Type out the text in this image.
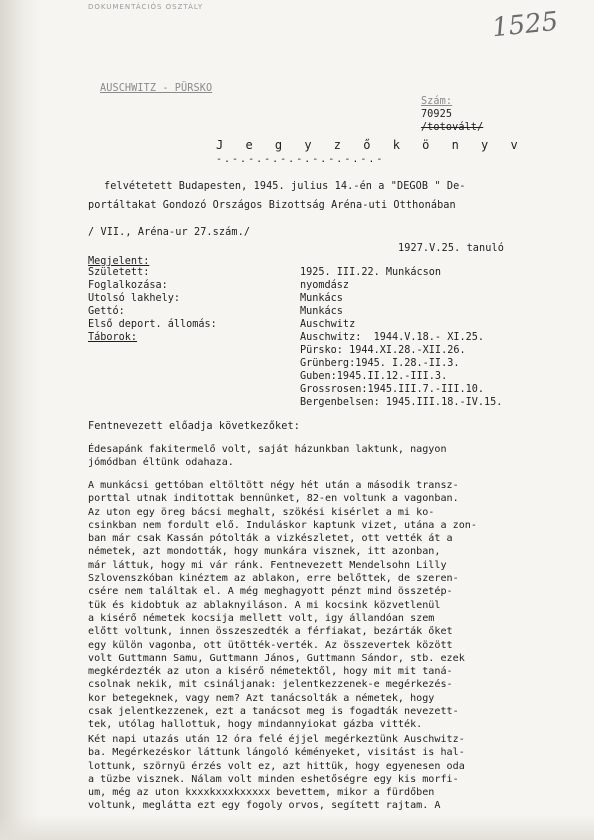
DOKUMENTÁCIÓS OSZTÁLY	1525
AUSCHWITZ - PÜRSKO

Szám:
70925
/totovált/

J e g y z ő k ö n y v
-.-.-.-.-.-.-.-.-.-.-
felvétetett Budapesten, 1945. julius 14.-én a "DEGOB " De-
portáltakat Gondozó Országos Bizottság Aréna-uti Otthonában
/ VII., Aréna-ur 27.szám./
1927.V.25. tanuló
Megjelent:
Született:	1925. III.22. Munkácson
Foglalkozása:	nyomdász
Utolsó lakhely:	Munkács
Gettó:	Munkács
Első deport. állomás:	Auschwitz
Táborok:	Auschwitz:  1944.V.18.- XI.25.
Pürsko: 1944.XI.28.-XII.26.
Grünberg:1945. I.28.-II.3.
Guben:1945.II.12.-III.3.
Grossrosen:1945.III.7.-III.10.
Bergenbelsen: 1945.III.18.-IV.15.
Fentnevezett előadja következőket:
Édesapánk fakitermelő volt, saját házunkban laktunk, nagyon
jómódban éltünk odahaza.
A munkácsi gettóban eltöltött négy hét után a második transz-
porttal utnak inditottak bennünket, 82-en voltunk a vagonban.
Az uton egy öreg bácsi meghalt, szökési kisérlet a mi ko-
csinkban nem fordult elő. Induláskor kaptunk vizet, utána a zon-
ban már csak Kassán pótolták a vizkészletet, ott vették át a
németek, azt mondották, hogy munkára visznek, itt azonban,
már láttuk, hogy mi vár ránk. Fentnevezett Mendelsohn Lilly
Szlovenszkóban kinéztem az ablakon, erre belőttek, de szeren-
csére nem találtak el. A még meghagyott pénzt mind összetép-
tük és kidobtuk az ablaknyiláson. A mi kocsink közvetlenül
a kisérő németek kocsija mellett volt, igy állandóan szem
előtt voltunk, innen összeszedték a férfiakat, bezárták őket
egy külön vagonba, ott ütötték-verték. Az összevertek között
volt Guttmann Samu, Guttmann János, Guttmann Sándor, stb. ezek
megkérdezték az uton a kisérő németektől, hogy mit mit taná-
csolnak nekik, mit csináljanak: jelentkezzenek-e megérkezés-
kor betegeknek, vagy nem? Azt tanácsolták a németek, hogy
csak jelentkezzenek, ezt a tanácsot meg is fogadták nevezett-
tek, utólag hallottuk, hogy mindannyiokat gázba vitték.
Két napi utazás után 12 óra felé éjjel megérkeztünk Auschwitz-
ba. Megérkezéskor láttunk lángoló kéményeket, visitást is hal-
lottunk, szörnyü érzés volt ez, azt hittük, hogy egyenesen oda
a tüzbe visznek. Nálam volt minden eshetőségre egy kis morfi-
um, még az uton kxxxkxxxkxxxxx bevettem, mikor a fürdőben
voltunk, meglátta ezt egy fogoly orvos, segített rajtam. A
